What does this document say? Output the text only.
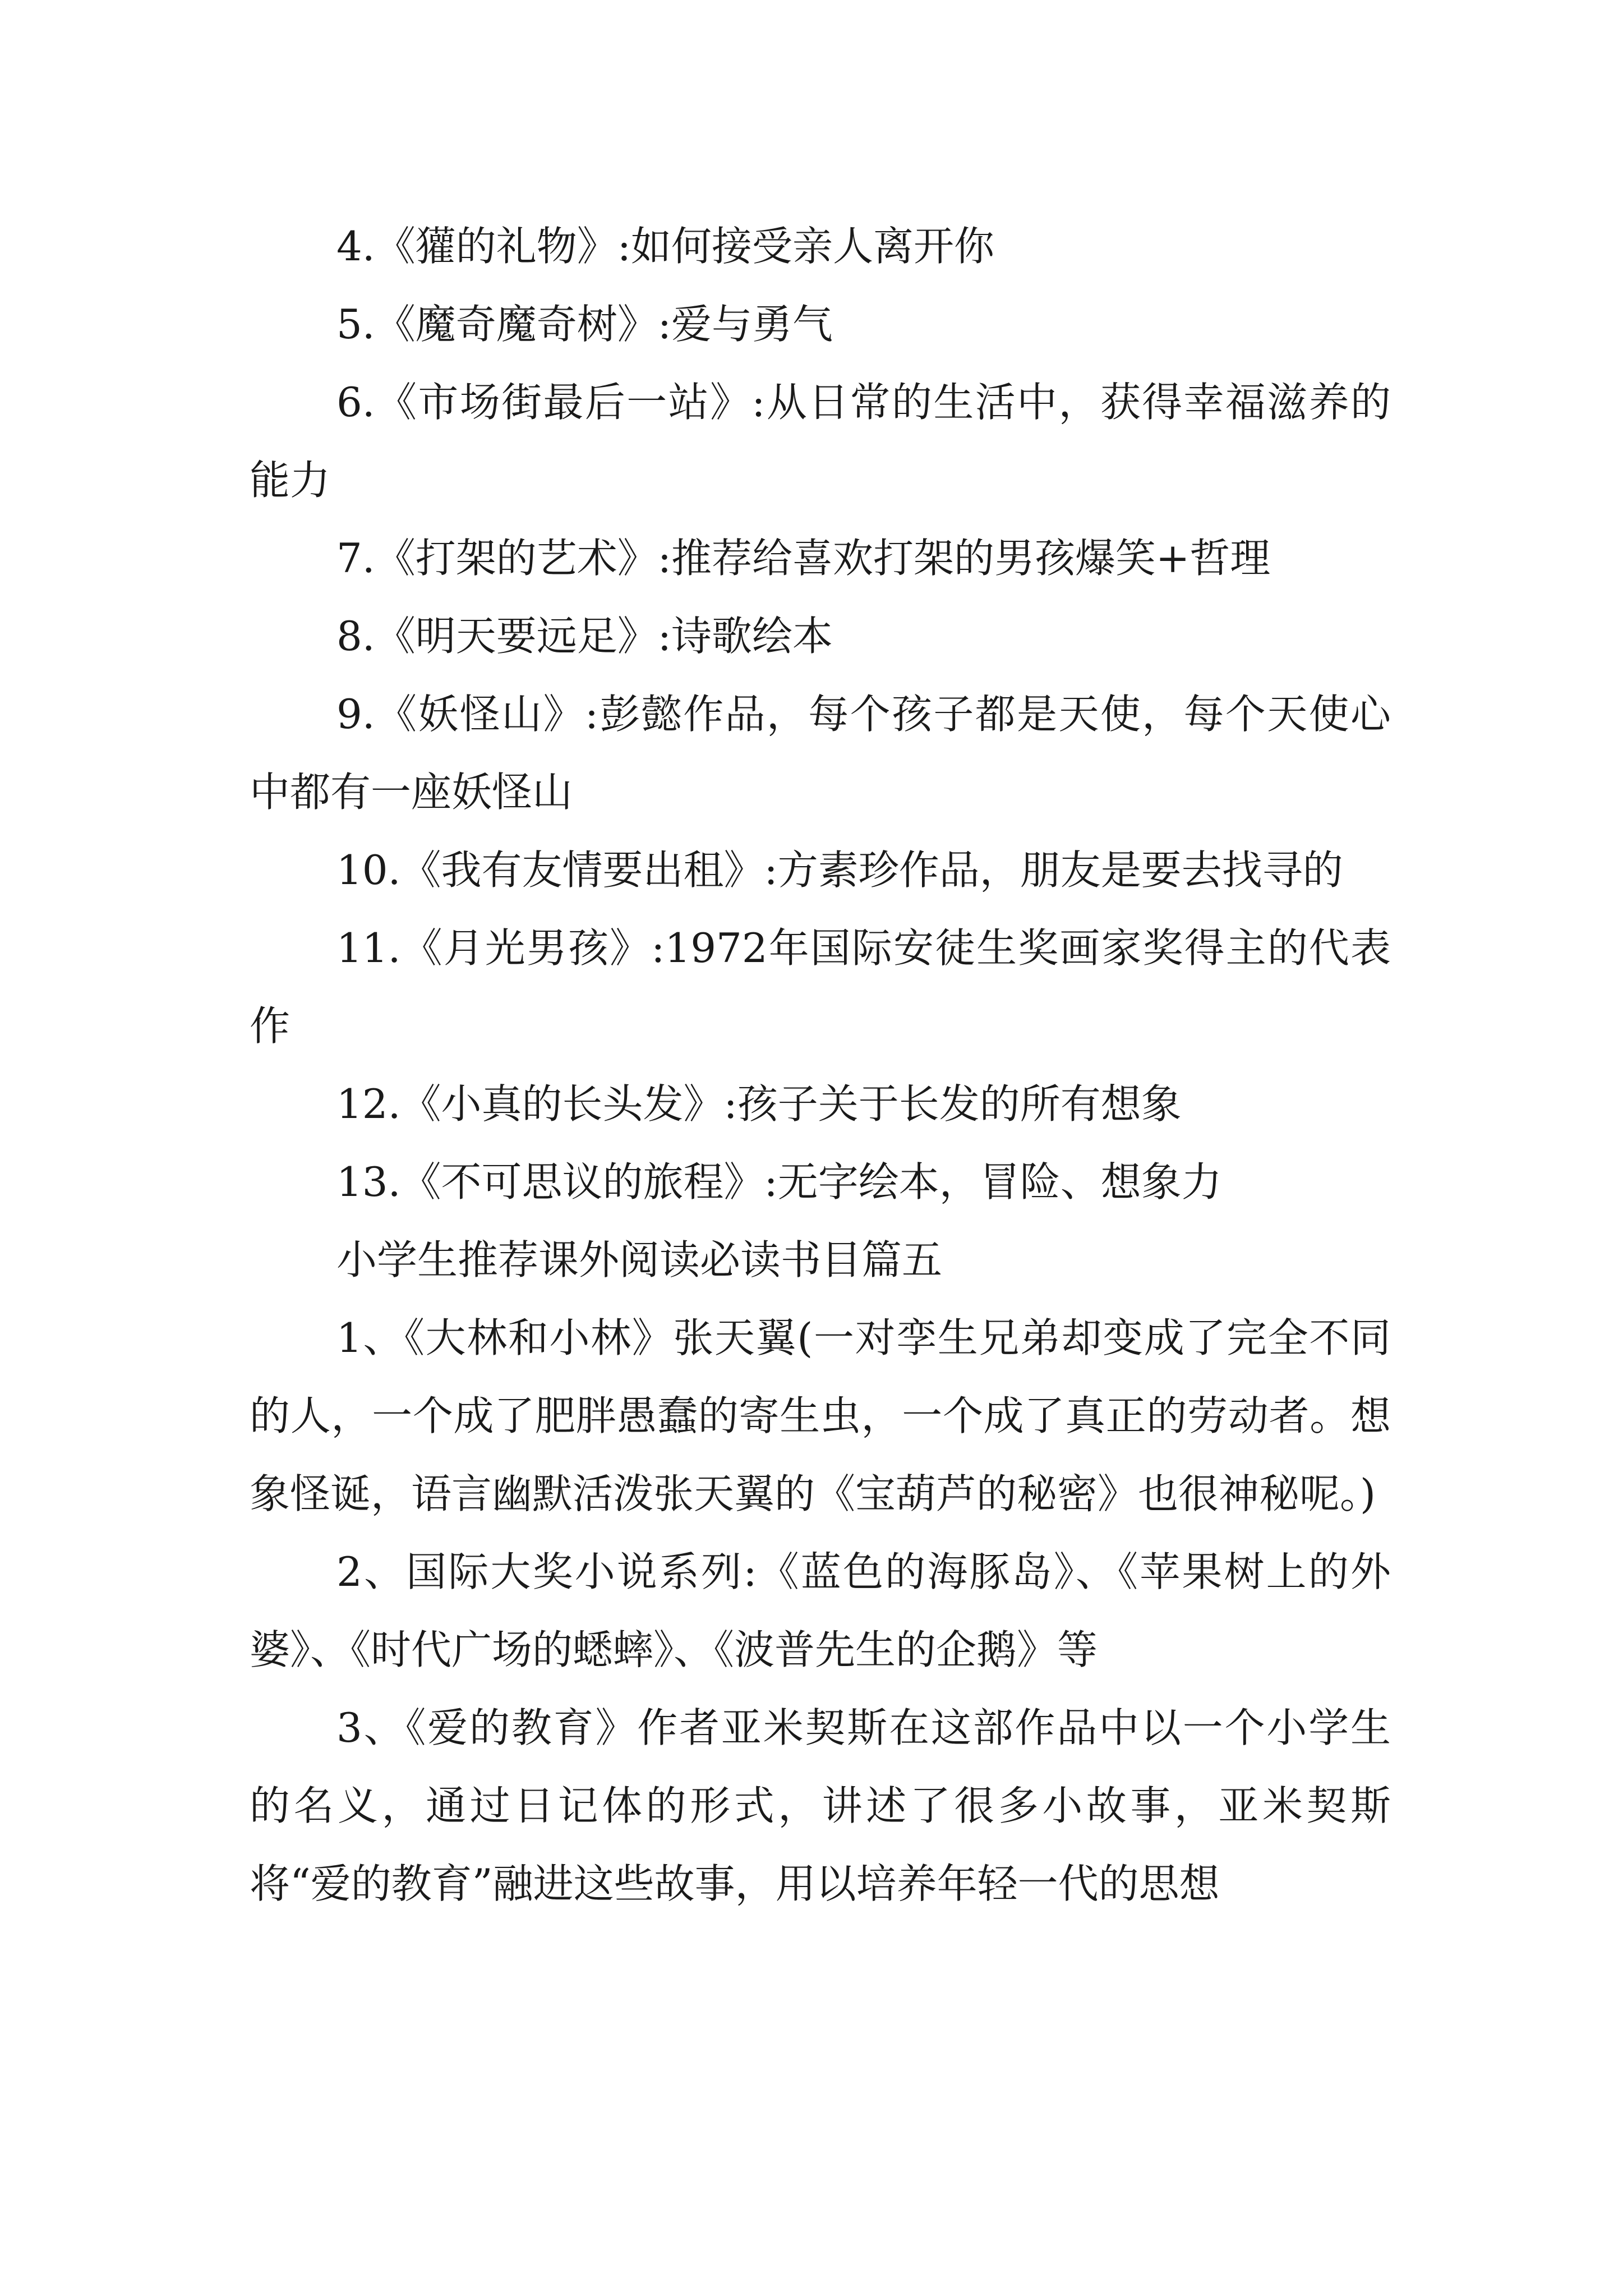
4.《獾的礼物》:如何接受亲人离开你

5.《魔奇魔奇树》:爱与勇气

6.《市场街最后一站》:从日常的生活中，获得幸福滋养的能力

7.《打架的艺术》:推荐给喜欢打架的男孩爆笑+哲理

8.《明天要远足》:诗歌绘本

9.《妖怪山》:彭懿作品，每个孩子都是天使，每个天使心中都有一座妖怪山

10.《我有友情要出租》:方素珍作品，朋友是要去找寻的

11.《月光男孩》:1972年国际安徒生奖画家奖得主的代表作

12.《小真的长头发》:孩子关于长发的所有想象

13.《不可思议的旅程》:无字绘本，冒险、想象力

小学生推荐课外阅读必读书目篇五

1、《大林和小林》张天翼(一对孪生兄弟却变成了完全不同的人，一个成了肥胖愚蠢的寄生虫，一个成了真正的劳动者。想象怪诞，语言幽默活泼张天翼的《宝葫芦的秘密》也很神秘呢。)

2、国际大奖小说系列:《蓝色的海豚岛》、《苹果树上的外婆》、《时代广场的蟋蟀》、《波普先生的企鹅》等

3、《爱的教育》作者亚米契斯在这部作品中以一个小学生的名义，通过日记体的形式，讲述了很多小故事，亚米契斯将“爱的教育”融进这些故事，用以培养年轻一代的思想
